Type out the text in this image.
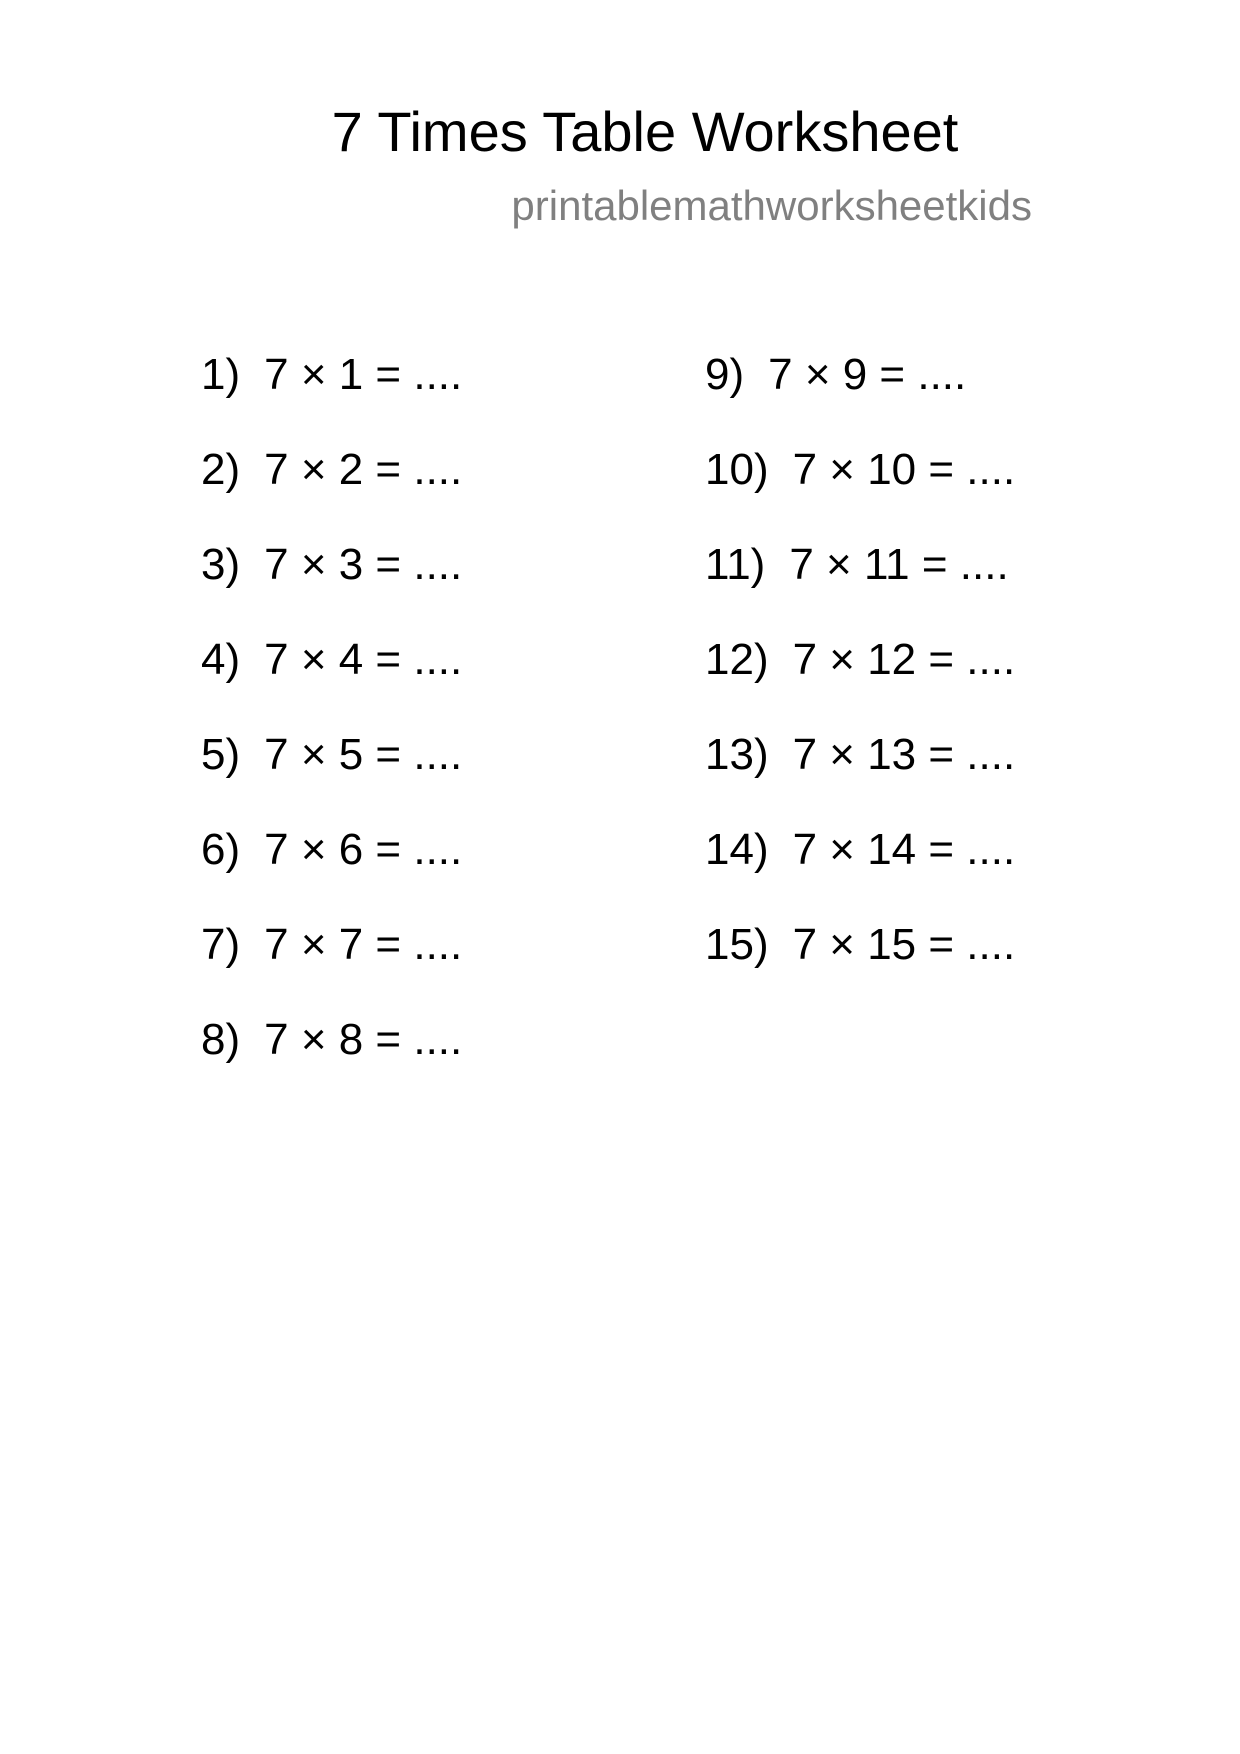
7 Times Table Worksheet
printablemathworksheetkids
1) 7 × 1 = ....
2) 7 × 2 = ....
3) 7 × 3 = ....
4) 7 × 4 = ....
5) 7 × 5 = ....
6) 7 × 6 = ....
7) 7 × 7 = ....
8) 7 × 8 = ....
9) 7 × 9 = ....
10) 7 × 10 = ....
11) 7 × 11 = ....
12) 7 × 12 = ....
13) 7 × 13 = ....
14) 7 × 14 = ....
15) 7 × 15 = ....
